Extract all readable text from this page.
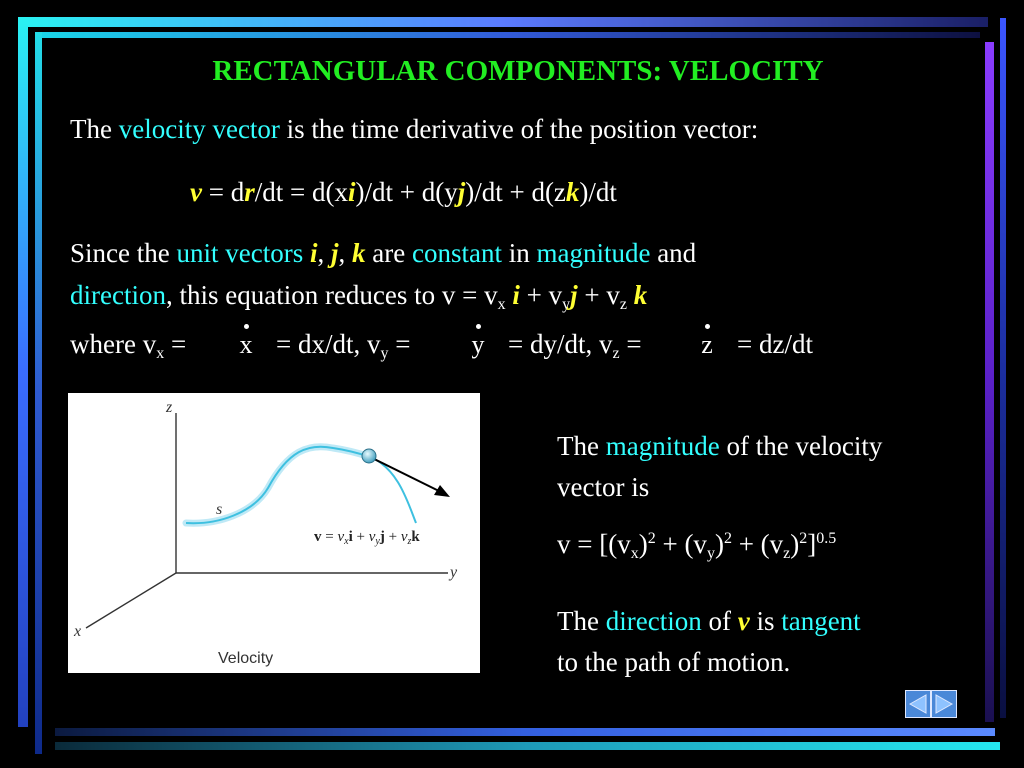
RECTANGULAR COMPONENTS: VELOCITY
The velocity vector is the time derivative of the position vector:
v = dr/dt = d(xi)/dt + d(yj)/dt + d(zk)/dt
Since the unit vectors i, j, k are constant in magnitude and
direction, this equation reduces to $v = v_x$ $i + v_yj + v_z$ k
where $v_x = x = dx/dt$, $v_y = y = dy/dt$, $v_z = z = dz/dt$
z
y
x
s
$v = v_xi + v_yj + v_zk$
Velocity
The magnitude of the velocity
vector is
$v = [(v_x)^2 + (v_y)^2 + (v_z)^2]^{0.5}$
The direction of v is tangent
to the path of motion.
